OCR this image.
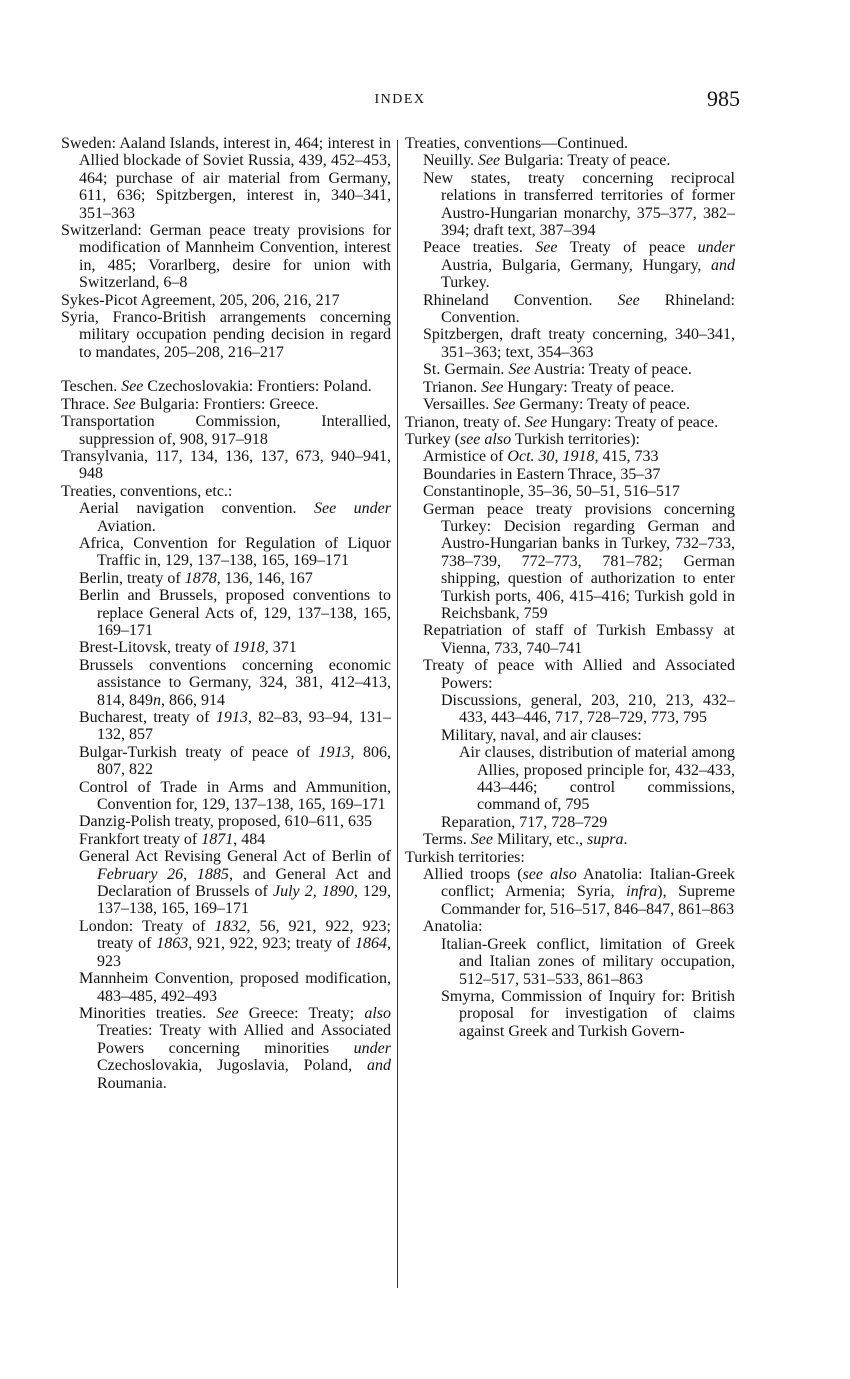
INDEX	985
Sweden: Aaland Islands, interest in, 464; interest in Allied blockade of Soviet Russia, 439, 452–453, 464; purchase of air material from Germany, 611, 636; Spitzbergen, interest in, 340–341, 351–363
Switzerland: German peace treaty provisions for modification of Mannheim Convention, interest in, 485; Vorarlberg, desire for union with Switzerland, 6–8
Sykes-Picot Agreement, 205, 206, 216, 217
Syria, Franco-British arrangements concerning military occupation pending decision in regard to mandates, 205–208, 216–217
Teschen. See Czechoslovakia: Frontiers: Poland.
Thrace. See Bulgaria: Frontiers: Greece.
Transportation Commission, Interallied, suppression of, 908, 917–918
Transylvania, 117, 134, 136, 137, 673, 940–941, 948
Treaties, conventions, etc.:
Aerial navigation convention. See under Aviation.
Africa, Convention for Regulation of Liquor Traffic in, 129, 137–138, 165, 169–171
Berlin, treaty of 1878, 136, 146, 167
Berlin and Brussels, proposed conventions to replace General Acts of, 129, 137–138, 165, 169–171
Brest-Litovsk, treaty of 1918, 371
Brussels conventions concerning economic assistance to Germany, 324, 381, 412–413, 814, 849n, 866, 914
Bucharest, treaty of 1913, 82–83, 93–94, 131–132, 857
Bulgar-Turkish treaty of peace of 1913, 806, 807, 822
Control of Trade in Arms and Ammunition, Convention for, 129, 137–138, 165, 169–171
Danzig-Polish treaty, proposed, 610–611, 635
Frankfort treaty of 1871, 484
General Act Revising General Act of Berlin of February 26, 1885, and General Act and Declaration of Brussels of July 2, 1890, 129, 137–138, 165, 169–171
London: Treaty of 1832, 56, 921, 922, 923; treaty of 1863, 921, 922, 923; treaty of 1864, 923
Mannheim Convention, proposed modification, 483–485, 492–493
Minorities treaties. See Greece: Treaty; also Treaties: Treaty with Allied and Associated Powers concerning minorities under Czechoslovakia, Jugoslavia, Poland, and Roumania.
Treaties, conventions—Continued.
Neuilly. See Bulgaria: Treaty of peace.
New states, treaty concerning reciprocal relations in transferred territories of former Austro-Hungarian monarchy, 375–377, 382–394; draft text, 387–394
Peace treaties. See Treaty of peace under Austria, Bulgaria, Germany, Hungary, and Turkey.
Rhineland Convention. See Rhineland: Convention.
Spitzbergen, draft treaty concerning, 340–341, 351–363; text, 354–363
St. Germain. See Austria: Treaty of peace.
Trianon. See Hungary: Treaty of peace.
Versailles. See Germany: Treaty of peace.
Trianon, treaty of. See Hungary: Treaty of peace.
Turkey (see also Turkish territories):
Armistice of Oct. 30, 1918, 415, 733
Boundaries in Eastern Thrace, 35–37
Constantinople, 35–36, 50–51, 516–517
German peace treaty provisions concerning Turkey: Decision regarding German and Austro-Hungarian banks in Turkey, 732–733, 738–739, 772–773, 781–782; German shipping, question of authorization to enter Turkish ports, 406, 415–416; Turkish gold in Reichsbank, 759
Repatriation of staff of Turkish Embassy at Vienna, 733, 740–741
Treaty of peace with Allied and Associated Powers:
Discussions, general, 203, 210, 213, 432–433, 443–446, 717, 728–729, 773, 795
Military, naval, and air clauses:
Air clauses, distribution of material among Allies, proposed principle for, 432–433, 443–446; control commissions, command of, 795
Reparation, 717, 728–729
Terms. See Military, etc., supra.
Turkish territories:
Allied troops (see also Anatolia: Italian-Greek conflict; Armenia; Syria, infra), Supreme Commander for, 516–517, 846–847, 861–863
Anatolia:
Italian-Greek conflict, limitation of Greek and Italian zones of military occupation, 512–517, 531–533, 861–863
Smyrna, Commission of Inquiry for: British proposal for investigation of claims against Greek and Turkish Govern-
